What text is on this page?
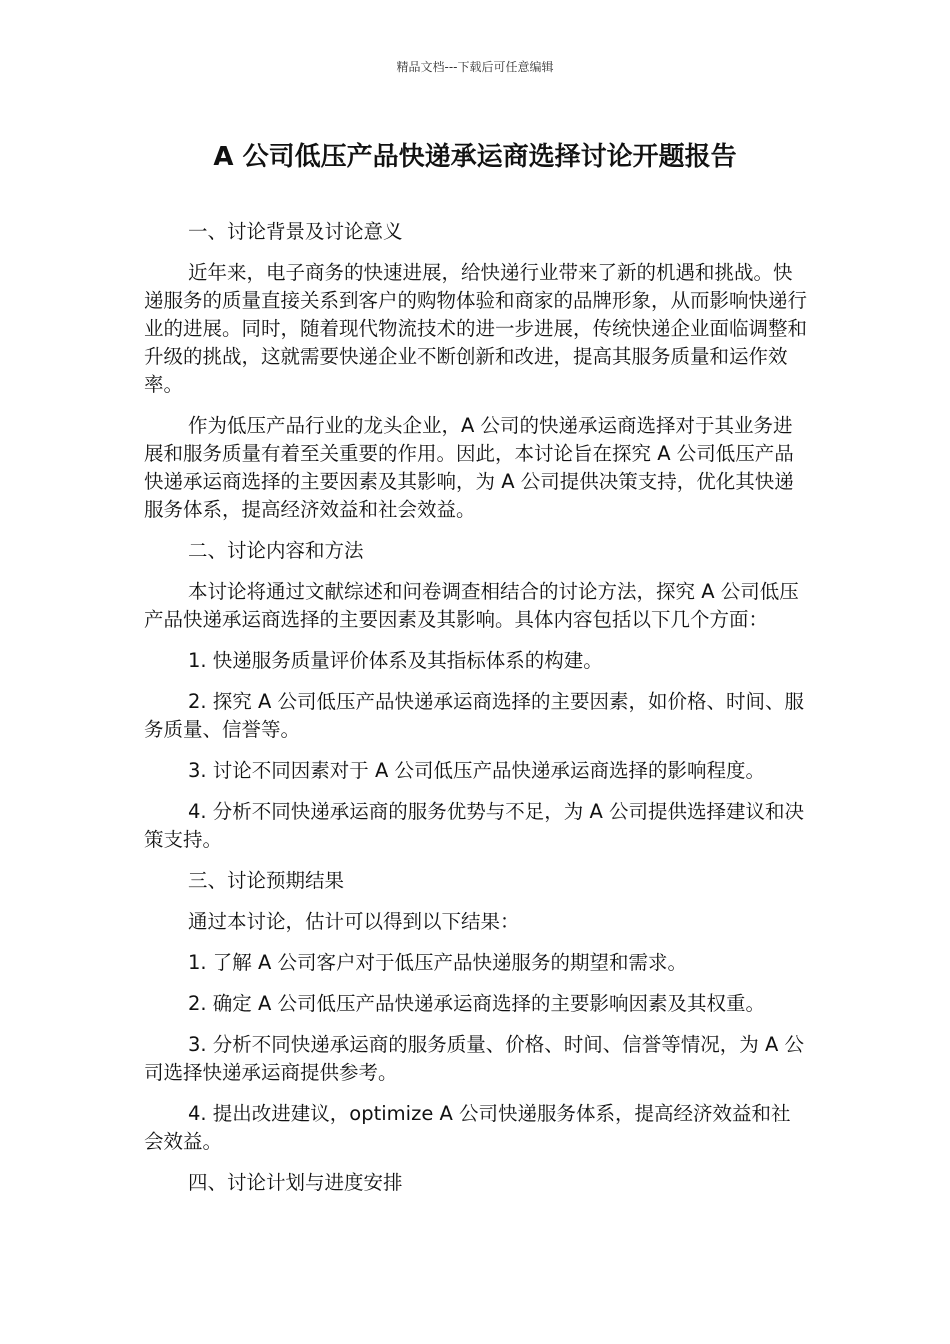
精品文档---下载后可任意编辑
A 公司低压产品快递承运商选择讨论开题报告

一、讨论背景及讨论意义

近年来，电子商务的快速进展，给快递行业带来了新的机遇和挑战。快递服务的质量直接关系到客户的购物体验和商家的品牌形象，从而影响快递行业的进展。同时，随着现代物流技术的进一步进展，传统快递企业面临调整和升级的挑战，这就需要快递企业不断创新和改进，提高其服务质量和运作效率。

作为低压产品行业的龙头企业，A 公司的快递承运商选择对于其业务进展和服务质量有着至关重要的作用。因此，本讨论旨在探究 A 公司低压产品快递承运商选择的主要因素及其影响，为 A 公司提供决策支持，优化其快递服务体系，提高经济效益和社会效益。

二、讨论内容和方法

本讨论将通过文献综述和问卷调查相结合的讨论方法，探究 A 公司低压产品快递承运商选择的主要因素及其影响。具体内容包括以下几个方面：

1. 快递服务质量评价体系及其指标体系的构建。

2. 探究 A 公司低压产品快递承运商选择的主要因素，如价格、时间、服务质量、信誉等。

3. 讨论不同因素对于 A 公司低压产品快递承运商选择的影响程度。

4. 分析不同快递承运商的服务优势与不足，为 A 公司提供选择建议和决策支持。

三、讨论预期结果

通过本讨论，估计可以得到以下结果：

1. 了解 A 公司客户对于低压产品快递服务的期望和需求。

2. 确定 A 公司低压产品快递承运商选择的主要影响因素及其权重。

3. 分析不同快递承运商的服务质量、价格、时间、信誉等情况，为 A 公司选择快递承运商提供参考。

4. 提出改进建议，optimize A 公司快递服务体系，提高经济效益和社会效益。

四、讨论计划与进度安排
